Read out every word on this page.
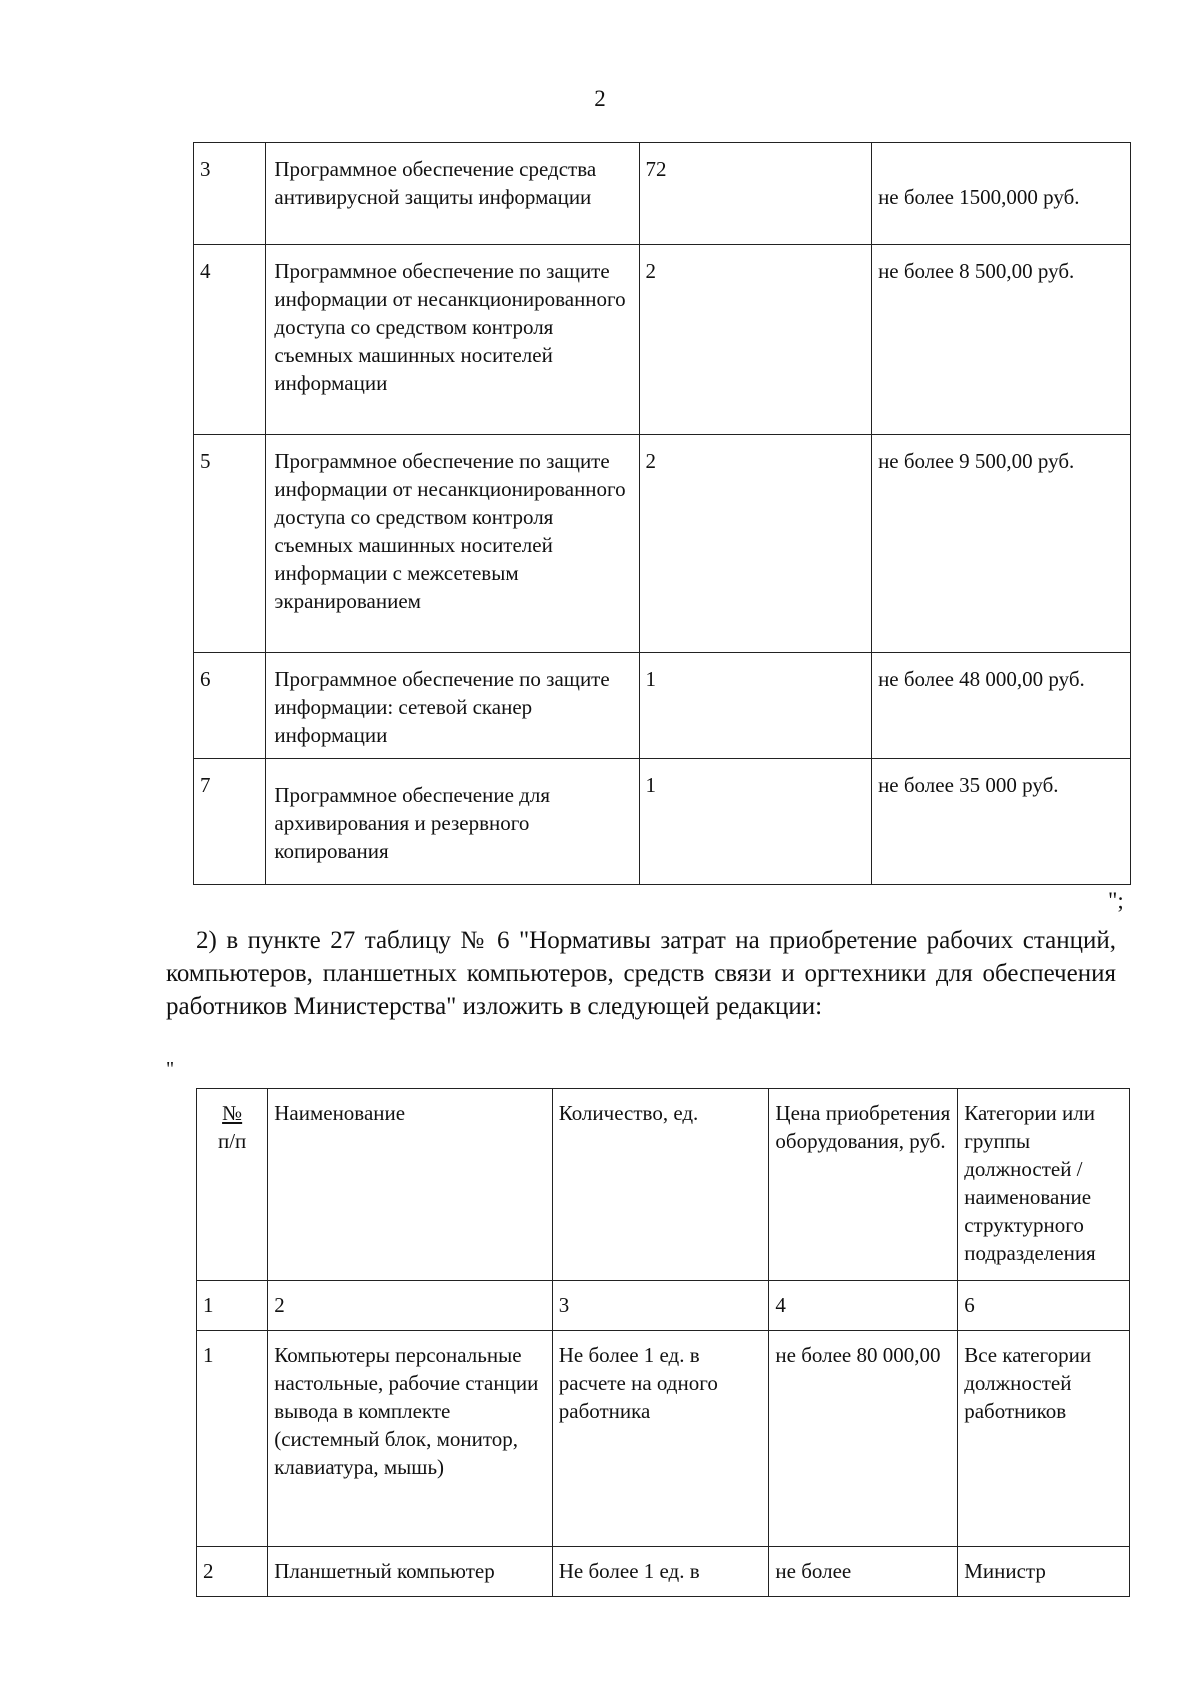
2
3	Программное обеспечение средства антивирусной защиты информации	72	не более 1500,000 руб.
4	Программное обеспечение по защите информации от несанкционированного доступа со средством контроля съемных машинных носителей информации	2	не более 8 500,00 руб.
5	Программное обеспечение по защите информации от несанкционированного доступа со средством контроля съемных машинных носителей информации с межсетевым экранированием	2	не более 9 500,00 руб.
6	Программное обеспечение по защите информации: сетевой сканер информации	1	не более 48 000,00 руб.
7	Программное обеспечение для архивирования и резервного копирования	1	не более 35 000 руб.
";
2) в пункте 27 таблицу № 6 "Нормативы затрат на приобретение рабочих станций, компьютеров, планшетных компьютеров, средств связи и оргтехники для обеспечения работников Министерства" изложить в следующей редакции:
"
№
п/п	Наименование	Количество, ед.	Цена приобретения оборудования, руб.	Категории или группы должностей /наименование структурного подразделения
1	2	3	4	6
1	Компьютеры персональные настольные, рабочие станции вывода в комплекте (системный блок, монитор, клавиатура, мышь)	Не более 1 ед. в расчете на одного работника	не более 80 000,00	Все категории должностей работников
2	Планшетный компьютер	Не более 1 ед. в	не более	Министр
